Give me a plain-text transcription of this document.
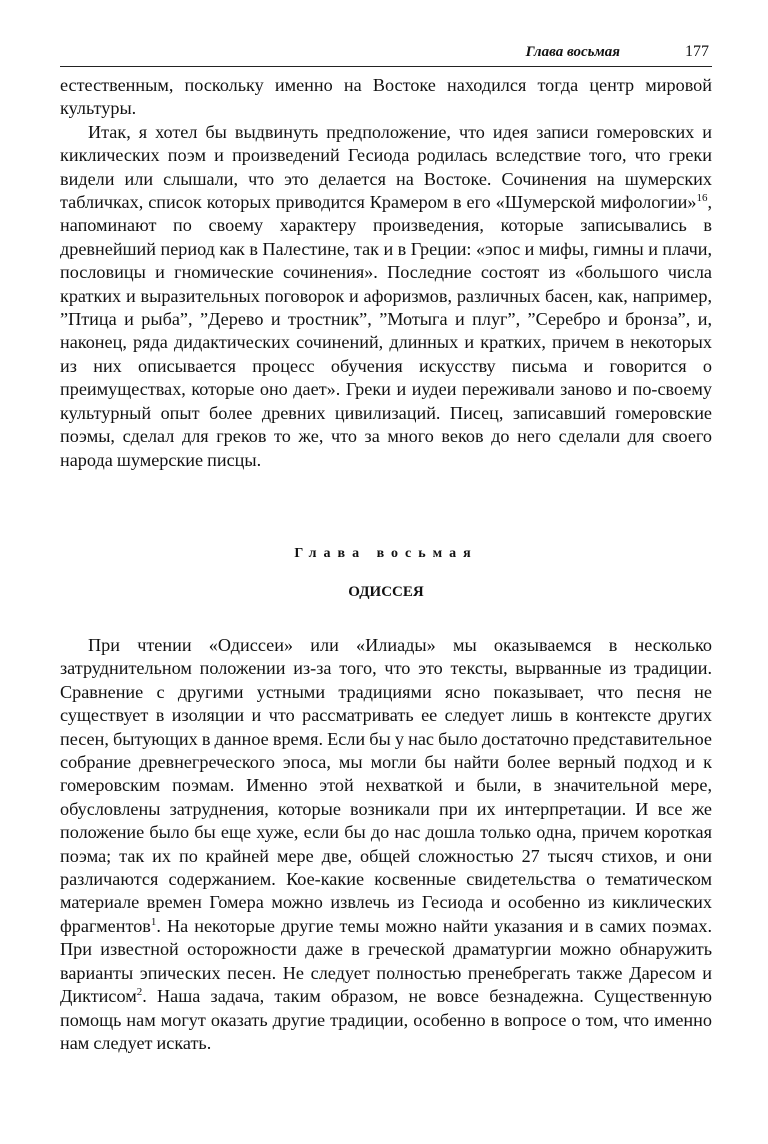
Глава восьмая	177

естественным, поскольку именно на Востоке находился тогда центр мировой культуры.

Итак, я хотел бы выдвинуть предположение, что идея записи гомеровских и киклических поэм и произведений Гесиода родилась вследствие того, что греки видели или слышали, что это делается на Востоке. Сочинения на шумерских табличках, список которых приводится Крамером в его «Шумерской мифологии»$^{16}$, напоминают по своему характеру произведения, которые записывались в древнейший период как в Палестине, так и в Греции: «эпос и мифы, гимны и плачи, пословицы и гномические сочинения». Последние состоят из «большого числа кратких и выразительных поговорок и афоризмов, различных басен, как, например, ”Птица и рыба”, ”Дерево и тростник”, ”Мотыга и плуг”, ”Серебро и бронза”, и, наконец, ряда дидактических сочинений, длинных и кратких, причем в некоторых из них описывается процесс обучения искусству письма и говорится о преимуществах, которые оно дает». Греки и иудеи переживали заново и по-своему культурный опыт более древних цивилизаций. Писец, записавший гомеровские поэмы, сделал для греков то же, что за много веков до него сделали для своего народа шумерские писцы.

Глава восьмая

ОДИССЕЯ

При чтении «Одиссеи» или «Илиады» мы оказываемся в несколько затруднительном положении из-за того, что это тексты, вырванные из традиции. Сравнение с другими устными традициями ясно показывает, что песня не существует в изоляции и что рассматривать ее следует лишь в контексте других песен, бытующих в данное время. Если бы у нас было достаточно представительное собрание древнегреческого эпоса, мы могли бы найти более верный подход и к гомеровским поэмам. Именно этой нехваткой и были, в значительной мере, обусловлены затруднения, которые возникали при их интерпретации. И все же положение было бы еще хуже, если бы до нас дошла только одна, причем короткая поэма; так их по крайней мере две, общей сложностью 27 тысяч стихов, и они различаются содержанием. Кое-какие косвенные свидетельства о тематическом материале времен Гомера можно извлечь из Гесиода и особенно из киклических фрагментов$^1$. На некоторые другие темы можно найти указания и в самих поэмах. При известной осторожности даже в греческой драматургии можно обнаружить варианты эпических песен. Не следует полностью пренебрегать также Даресом и Диктисом$^2$. Наша задача, таким образом, не вовсе безнадежна. Существенную помощь нам могут оказать другие традиции, особенно в вопросе о том, что именно нам следует искать.
